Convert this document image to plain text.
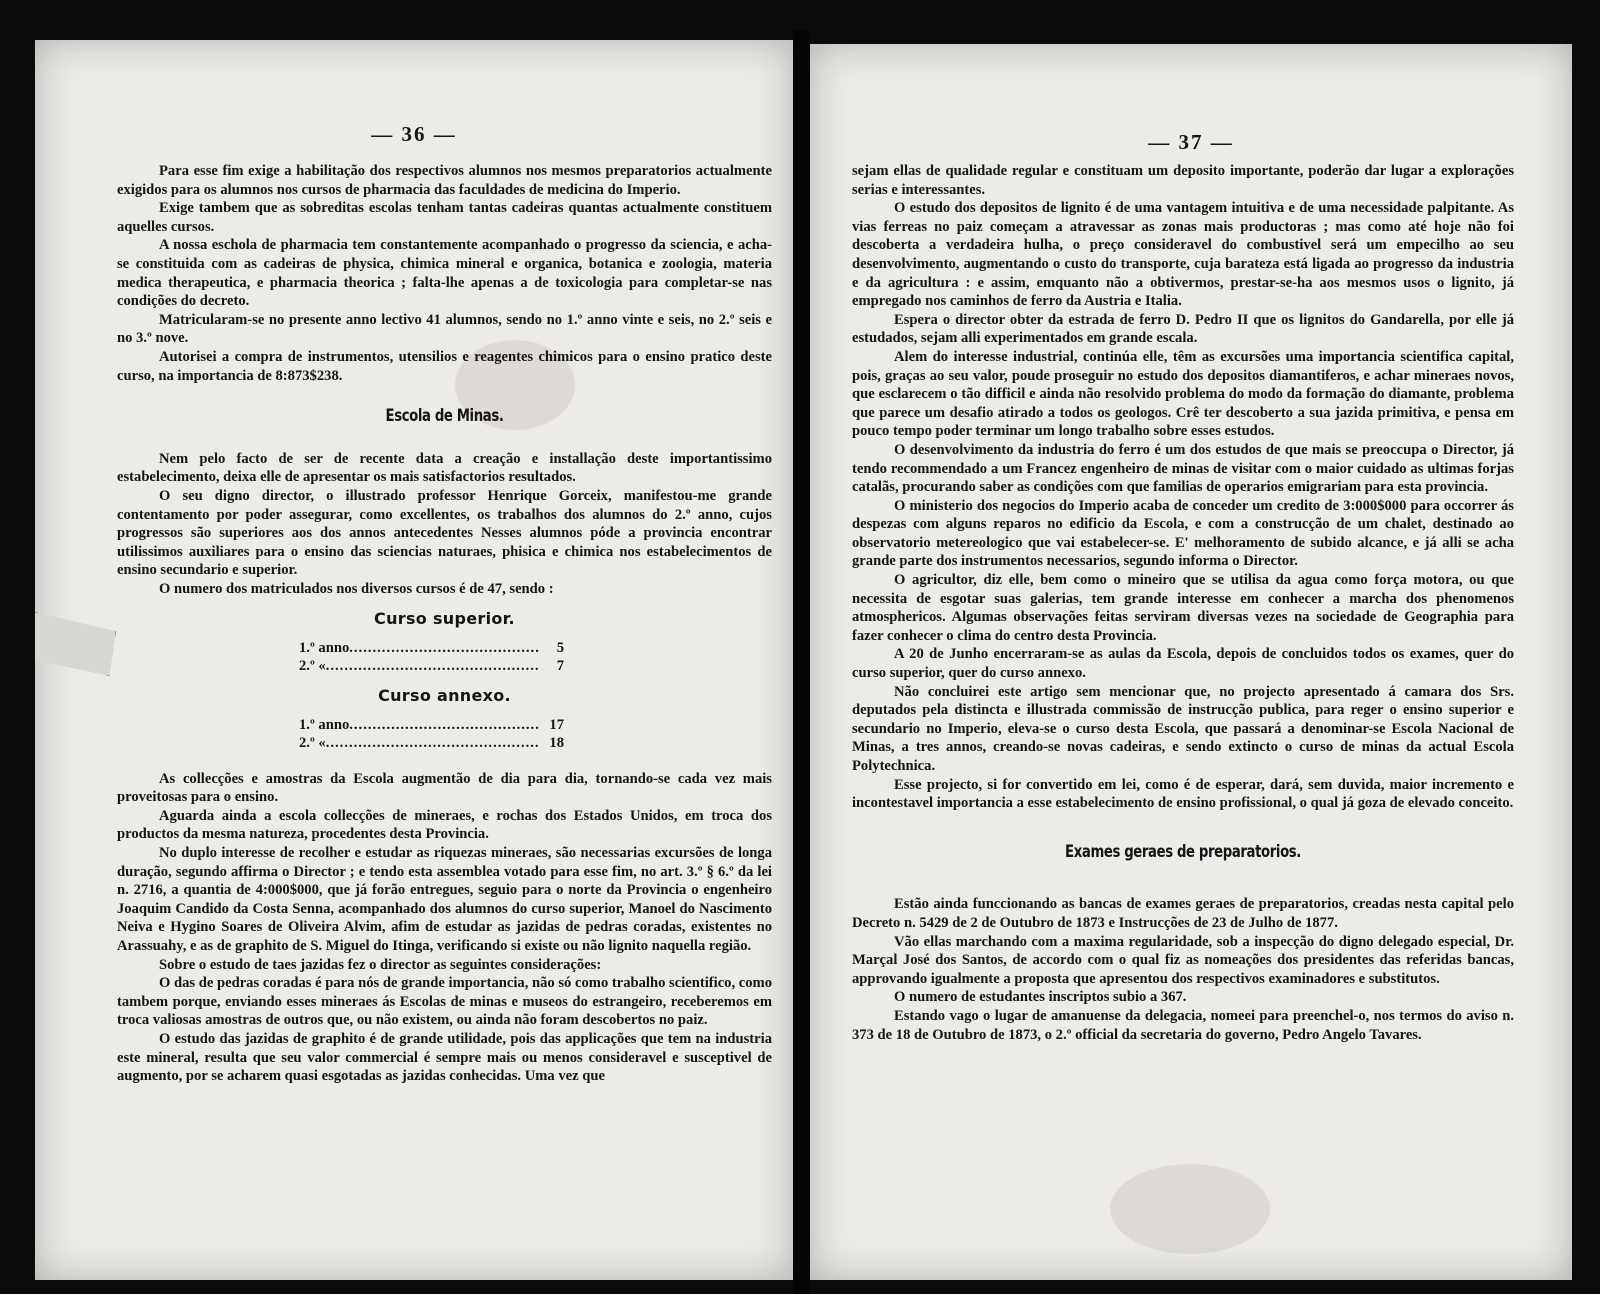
— 36 —

Para esse fim exige a habilitação dos respectivos alumnos nos mesmos preparatorios actualmente exigidos para os alumnos nos cursos de pharmacia das faculdades de medicina do Imperio.

Exige tambem que as sobreditas escolas tenham tantas cadeiras quantas actualmente constituem aquelles cursos.

A nossa eschola de pharmacia tem constantemente acompanhado o progresso da sciencia, e acha-se constituida com as cadeiras de physica, chimica mineral e organica, botanica e zoologia, materia medica therapeutica, e pharmacia theorica ; falta-lhe apenas a de toxicologia para completar-se nas condições do decreto.

Matricularam-se no presente anno lectivo 41 alumnos, sendo no 1.º anno vinte e seis, no 2.º seis e no 3.º nove.

Autorisei a compra de instrumentos, utensilios e reagentes chimicos para o ensino pratico deste curso, na importancia de 8:873$238.

Escola de Minas.

Nem pelo facto de ser de recente data a creação e installação deste importantissimo estabelecimento, deixa elle de apresentar os mais satisfactorios resultados.

O seu digno director, o illustrado professor Henrique Gorceix, manifestou-me grande contentamento por poder assegurar, como excellentes, os trabalhos dos alumnos do 2.º anno, cujos progressos são superiores aos dos annos antecedentes Nesses alumnos póde a provincia encontrar utilissimos auxiliares para o ensino das sciencias naturaes, phisica e chimica nos estabelecimentos de ensino secundario e superior.

O numero dos matriculados nos diversos cursos é de 47, sendo :

Curso superior.
1.º anno .....	5
2.º « .....	7
Curso annexo.
1.º anno .....	17
2.º « .....	18

As collecções e amostras da Escola augmentão de dia para dia, tornando-se cada vez mais proveitosas para o ensino.

Aguarda ainda a escola collecções de mineraes, e rochas dos Estados Unidos, em troca dos productos da mesma natureza, procedentes desta Provincia.

No duplo interesse de recolher e estudar as riquezas mineraes, são necessarias excursões de longa duração, segundo affirma o Director ; e tendo esta assemblea votado para esse fim, no art. 3.º § 6.º da lei n. 2716, a quantia de 4:000$000, que já forão entregues, seguio para o norte da Provincia o engenheiro Joaquim Candido da Costa Senna, acompanhado dos alumnos do curso superior, Manoel do Nascimento Neiva e Hygino Soares de Oliveira Alvim, afim de estudar as jazidas de pedras coradas, existentes no Arassuahy, e as de graphito de S. Miguel do Itinga, verificando si existe ou não lignito naquella região.

Sobre o estudo de taes jazidas fez o director as seguintes considerações:

O das de pedras coradas é para nós de grande importancia, não só como trabalho scientifico, como tambem porque, enviando esses mineraes ás Escolas de minas e museos do estrangeiro, receberemos em troca valiosas amostras de outros que, ou não existem, ou ainda não foram descobertos no paiz.

O estudo das jazidas de graphito é de grande utilidade, pois das applicações que tem na industria este mineral, resulta que seu valor commercial é sempre mais ou menos consideravel e susceptivel de augmento, por se acharem quasi esgotadas as jazidas conhecidas. Uma vez que

— 37 —

sejam ellas de qualidade regular e constituam um deposito importante, poderão dar lugar a explorações serias e interessantes.

O estudo dos depositos de lignito é de uma vantagem intuitiva e de uma necessidade palpitante. As vias ferreas no paiz começam a atravessar as zonas mais productoras ; mas como até hoje não foi descoberta a verdadeira hulha, o preço consideravel do combustivel será um empecilho ao seu desenvolvimento, augmentando o custo do transporte, cuja barateza está ligada ao progresso da industria e da agricultura : e assim, emquanto não a obtivermos, prestar-se-ha aos mesmos usos o lignito, já empregado nos caminhos de ferro da Austria e Italia.

Espera o director obter da estrada de ferro D. Pedro II que os lignitos do Gandarella, por elle já estudados, sejam alli experimentados em grande escala.

Alem do interesse industrial, continúa elle, têm as excursões uma importancia scientifica capital, pois, graças ao seu valor, poude proseguir no estudo dos depositos diamantiferos, e achar mineraes novos, que esclarecem o tão difficil e ainda não resolvido problema do modo da formação do diamante, problema que parece um desafio atirado a todos os geologos. Crê ter descoberto a sua jazida primitiva, e pensa em pouco tempo poder terminar um longo trabalho sobre esses estudos.

O desenvolvimento da industria do ferro é um dos estudos de que mais se preoccupa o Director, já tendo recommendado a um Francez engenheiro de minas de visitar com o maior cuidado as ultimas forjas catalãs, procurando saber as condições com que familias de operarios emigrariam para esta provincia.

O ministerio dos negocios do Imperio acaba de conceder um credito de 3:000$000 para occorrer ás despezas com alguns reparos no edificio da Escola, e com a construcção de um chalet, destinado ao observatorio metereologico que vai estabelecer-se. E' melhoramento de subido alcance, e já alli se acha grande parte dos instrumentos necessarios, segundo informa o Director.

O agricultor, diz elle, bem como o mineiro que se utilisa da agua como força motora, ou que necessita de esgotar suas galerias, tem grande interesse em conhecer a marcha dos phenomenos atmosphericos. Algumas observações feitas serviram diversas vezes na sociedade de Geographia para fazer conhecer o clima do centro desta Provincia.

A 20 de Junho encerraram-se as aulas da Escola, depois de concluidos todos os exames, quer do curso superior, quer do curso annexo.

Não concluirei este artigo sem mencionar que, no projecto apresentado á camara dos Srs. deputados pela distincta e illustrada commissão de instrucção publica, para reger o ensino superior e secundario no Imperio, eleva-se o curso desta Escola, que passará a denominar-se Escola Nacional de Minas, a tres annos, creando-se novas cadeiras, e sendo extincto o curso de minas da actual Escola Polytechnica.

Esse projecto, si for convertido em lei, como é de esperar, dará, sem duvida, maior incremento e incontestavel importancia a esse estabelecimento de ensino profissional, o qual já goza de elevado conceito.

Exames geraes de preparatorios.

Estão ainda funccionando as bancas de exames geraes de preparatorios, creadas nesta capital pelo Decreto n. 5429 de 2 de Outubro de 1873 e Instrucções de 23 de Julho de 1877.

Vão ellas marchando com a maxima regularidade, sob a inspecção do digno delegado especial, Dr. Marçal José dos Santos, de accordo com o qual fiz as nomeações dos presidentes das referidas bancas, approvando igualmente a proposta que apresentou dos respectivos examinadores e substitutos.

O numero de estudantes inscriptos subio a 367.

Estando vago o lugar de amanuense da delegacia, nomeei para preenchel-o, nos termos do aviso n. 373 de 18 de Outubro de 1873, o 2.º official da secretaria do governo, Pedro Angelo Tavares.
